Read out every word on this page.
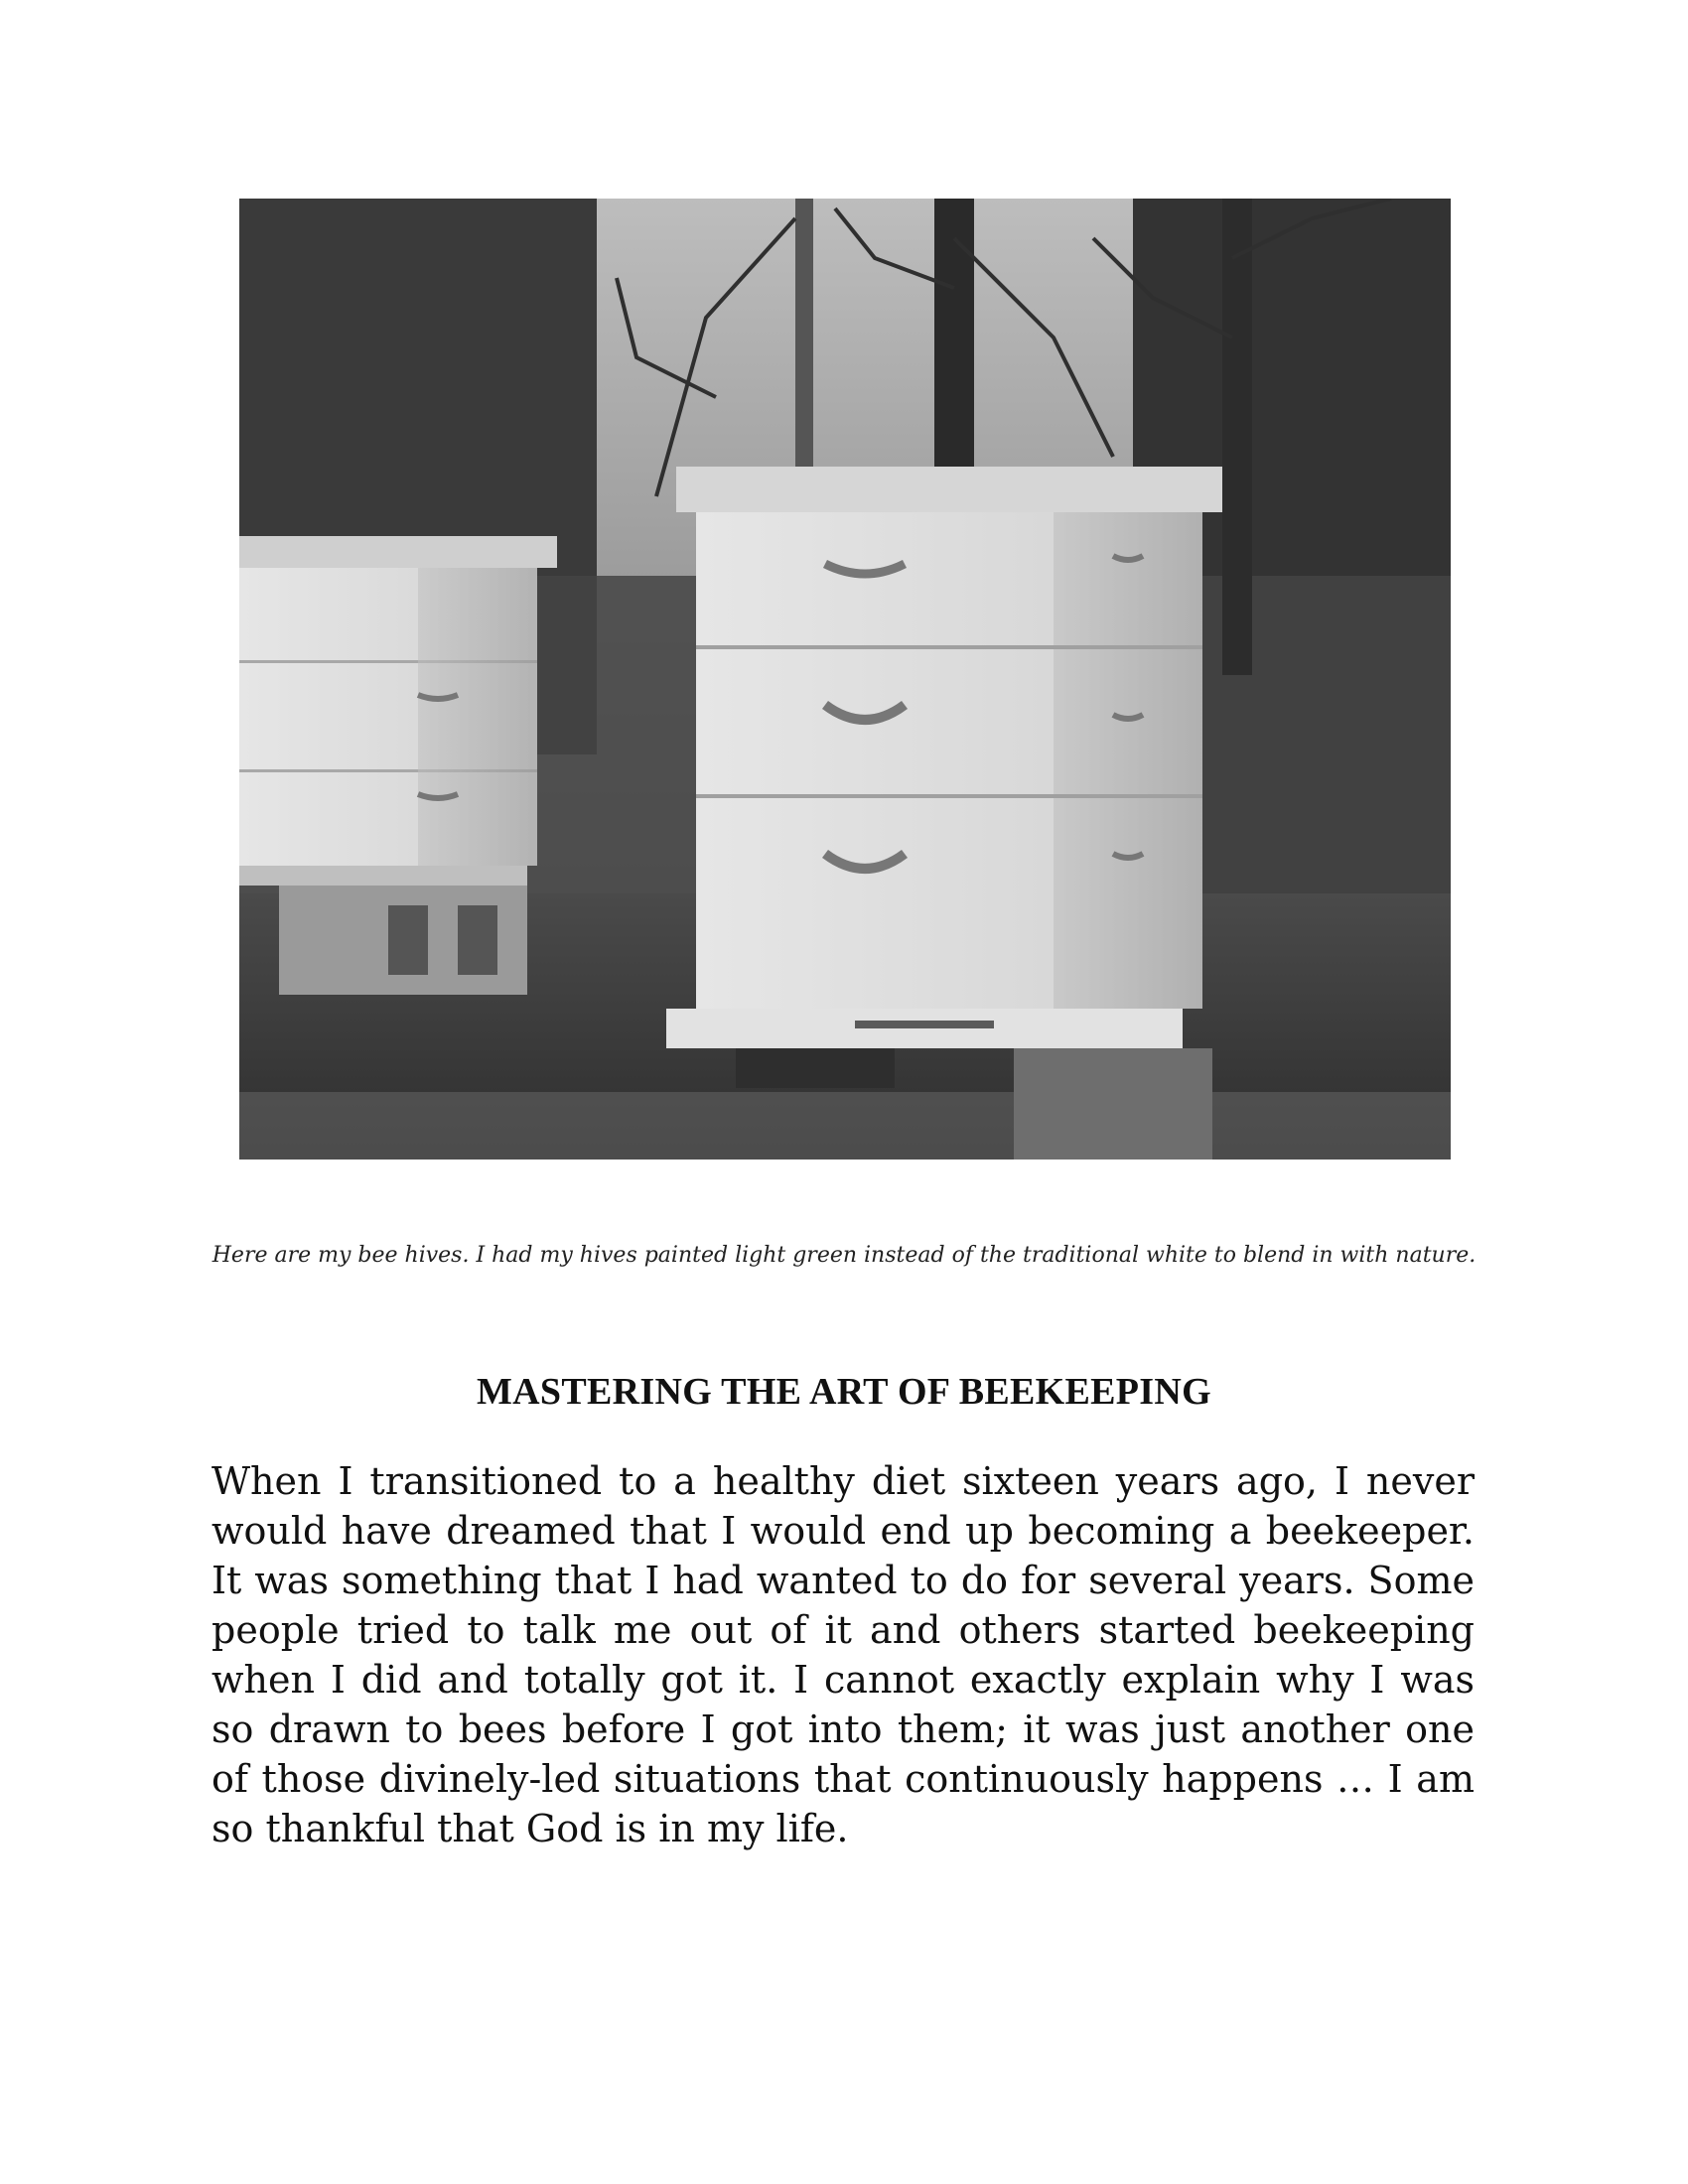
Here are my bee hives. I had my hives painted light green instead of the traditional white to blend in with nature.
MASTERING THE ART OF BEEKEEPING
When I transitioned to a healthy diet sixteen years ago, I never would have dreamed that I would end up becoming a beekeeper. It was something that I had wanted to do for several years. Some people tried to talk me out of it and others started beekeeping when I did and totally got it. I cannot exactly explain why I was so drawn to bees before I got into them; it was just another one of those divinely-led situations that continuously happens … I am so thankful that God is in my life.
